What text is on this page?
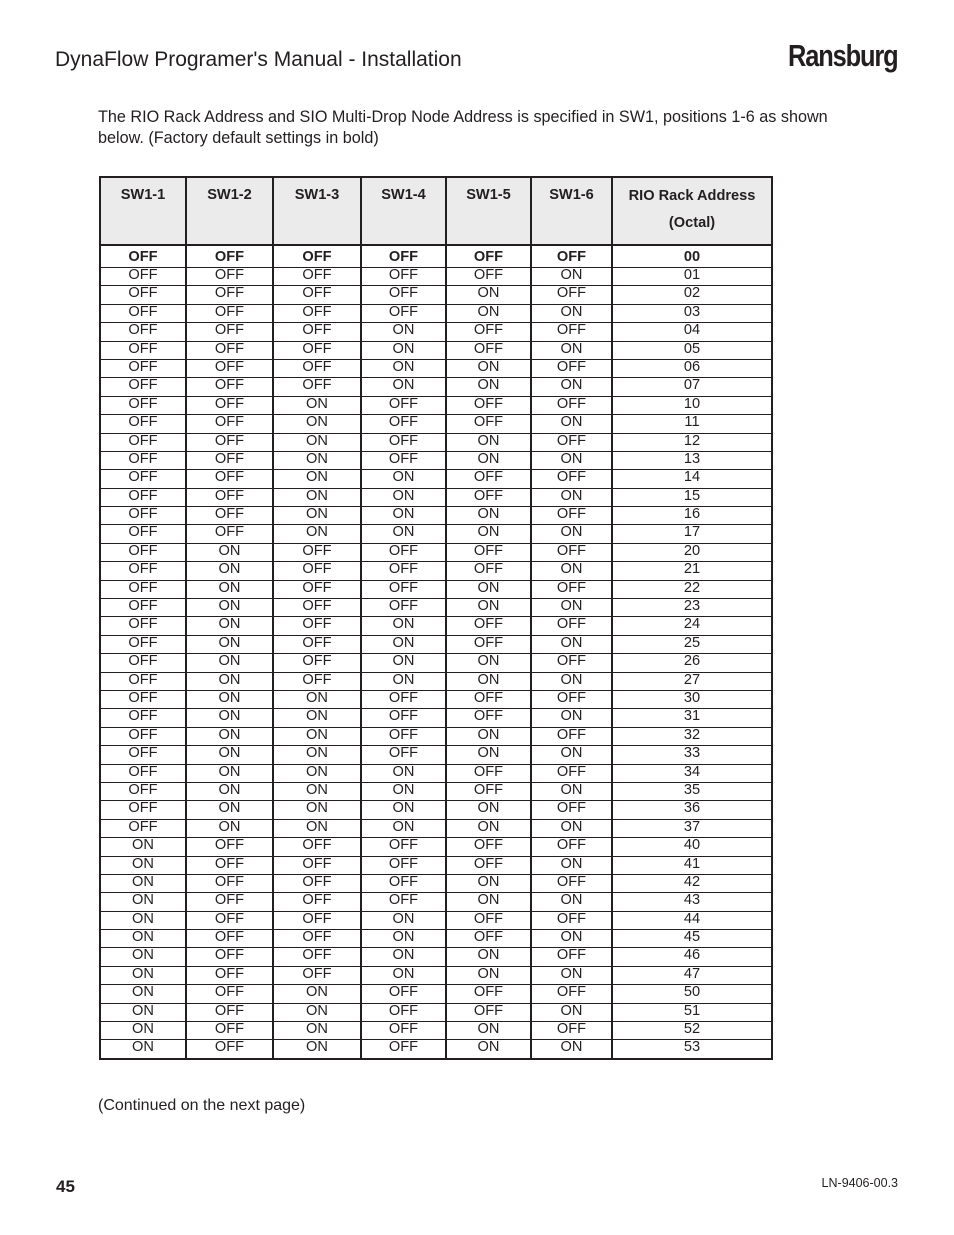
DynaFlow Programer's Manual - Installation	Ransburg

The RIO Rack Address and SIO Multi-Drop Node Address is specified in SW1, positions 1-6 as shown

below. (Factory default settings in bold)

SW1-1	SW1-2	SW1-3	SW1-4	SW1-5	SW1-6	RIO Rack Address
(Octal)

OFF	OFF	OFF	OFF	OFF	OFF	00
OFF	OFF	OFF	OFF	OFF	ON	01
OFF	OFF	OFF	OFF	ON	OFF	02
OFF	OFF	OFF	OFF	ON	ON	03
OFF	OFF	OFF	ON	OFF	OFF	04
OFF	OFF	OFF	ON	OFF	ON	05
OFF	OFF	OFF	ON	ON	OFF	06
OFF	OFF	OFF	ON	ON	ON	07
OFF	OFF	ON	OFF	OFF	OFF	10
OFF	OFF	ON	OFF	OFF	ON	11
OFF	OFF	ON	OFF	ON	OFF	12
OFF	OFF	ON	OFF	ON	ON	13
OFF	OFF	ON	ON	OFF	OFF	14
OFF	OFF	ON	ON	OFF	ON	15
OFF	OFF	ON	ON	ON	OFF	16
OFF	OFF	ON	ON	ON	ON	17
OFF	ON	OFF	OFF	OFF	OFF	20
OFF	ON	OFF	OFF	OFF	ON	21
OFF	ON	OFF	OFF	ON	OFF	22
OFF	ON	OFF	OFF	ON	ON	23
OFF	ON	OFF	ON	OFF	OFF	24
OFF	ON	OFF	ON	OFF	ON	25
OFF	ON	OFF	ON	ON	OFF	26
OFF	ON	OFF	ON	ON	ON	27
OFF	ON	ON	OFF	OFF	OFF	30
OFF	ON	ON	OFF	OFF	ON	31
OFF	ON	ON	OFF	ON	OFF	32
OFF	ON	ON	OFF	ON	ON	33
OFF	ON	ON	ON	OFF	OFF	34
OFF	ON	ON	ON	OFF	ON	35
OFF	ON	ON	ON	ON	OFF	36
OFF	ON	ON	ON	ON	ON	37
ON	OFF	OFF	OFF	OFF	OFF	40
ON	OFF	OFF	OFF	OFF	ON	41
ON	OFF	OFF	OFF	ON	OFF	42
ON	OFF	OFF	OFF	ON	ON	43
ON	OFF	OFF	ON	OFF	OFF	44
ON	OFF	OFF	ON	OFF	ON	45
ON	OFF	OFF	ON	ON	OFF	46
ON	OFF	OFF	ON	ON	ON	47
ON	OFF	ON	OFF	OFF	OFF	50
ON	OFF	ON	OFF	OFF	ON	51
ON	OFF	ON	OFF	ON	OFF	52
ON	OFF	ON	OFF	ON	ON	53
(Continued on the next page)
45	LN-9406-00.3
